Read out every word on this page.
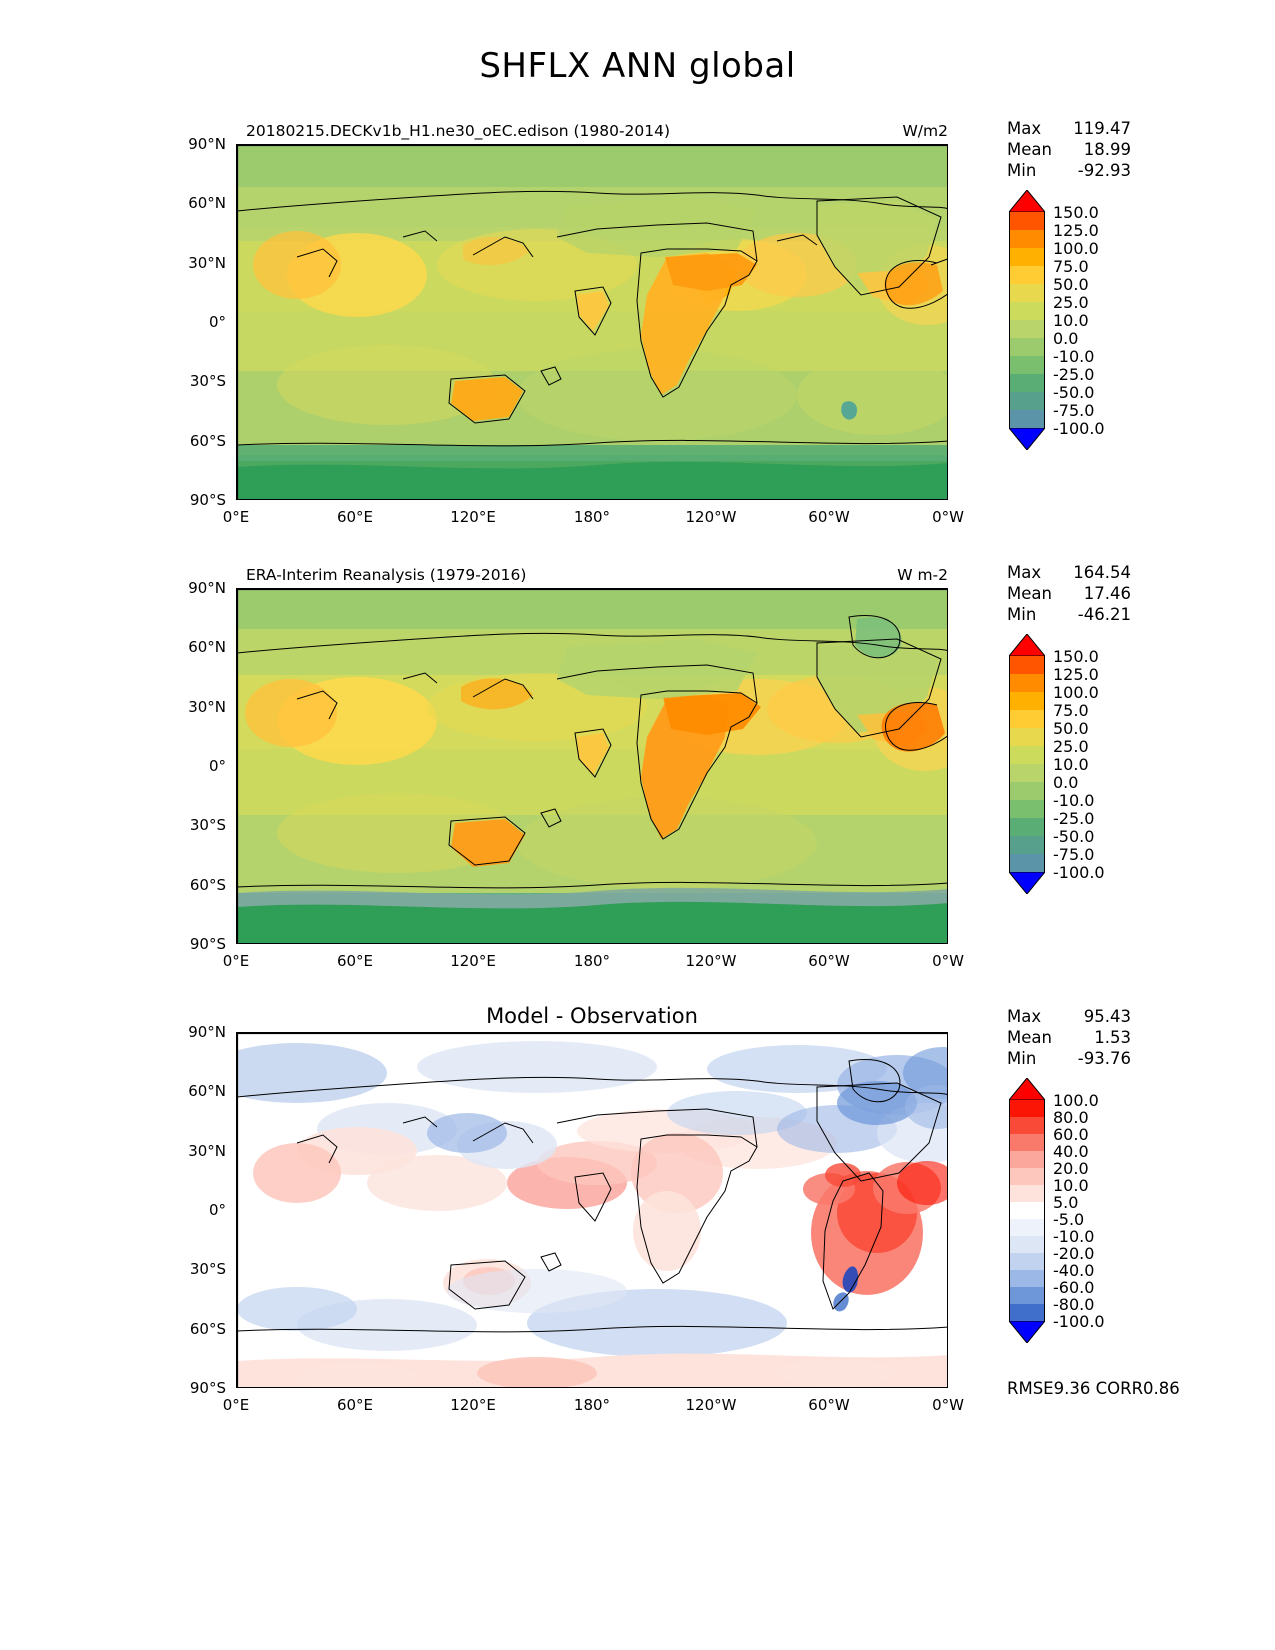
SHFLX ANN global
20180215.DECKv1b_H1.ne30_oEC.edison (1980-2014)	W/m2
90°N
60°N
30°N
0°
30°S
60°S
90°S
0°E	60°E	120°E	180°	120°W	60°W	0°W
Max 119.47
Mean 18.99
Min	-92.93
150.0
125.0
100.0
75.0
50.0
25.0
10.0
0.0
-10.0
-25.0
-50.0
-75.0
-100.0
ERA-Interim Reanalysis (1979-2016)	W m-2
90°N
60°N
30°N
0°
30°S
60°S
90°S
0°E	60°E	120°E	180°	120°W	60°W	0°W
Max 164.54
Mean 17.46
Min	-46.21
150.0
125.0
100.0
75.0
50.0
25.0
10.0
0.0
-10.0
-25.0
-50.0
-75.0
-100.0
Model - Observation
90°N
60°N
30°N
0°
30°S
60°S
90°S
0°E	60°E	120°E	180°	120°W	60°W	0°W
Max	95.43
Mean	1.53
Min	-93.76
100.0
80.0
60.0
40.0
20.0
10.0
5.0
-5.0
-10.0
-20.0
-40.0
-60.0
-80.0
-100.0
RMSE9.36 CORR0.86
